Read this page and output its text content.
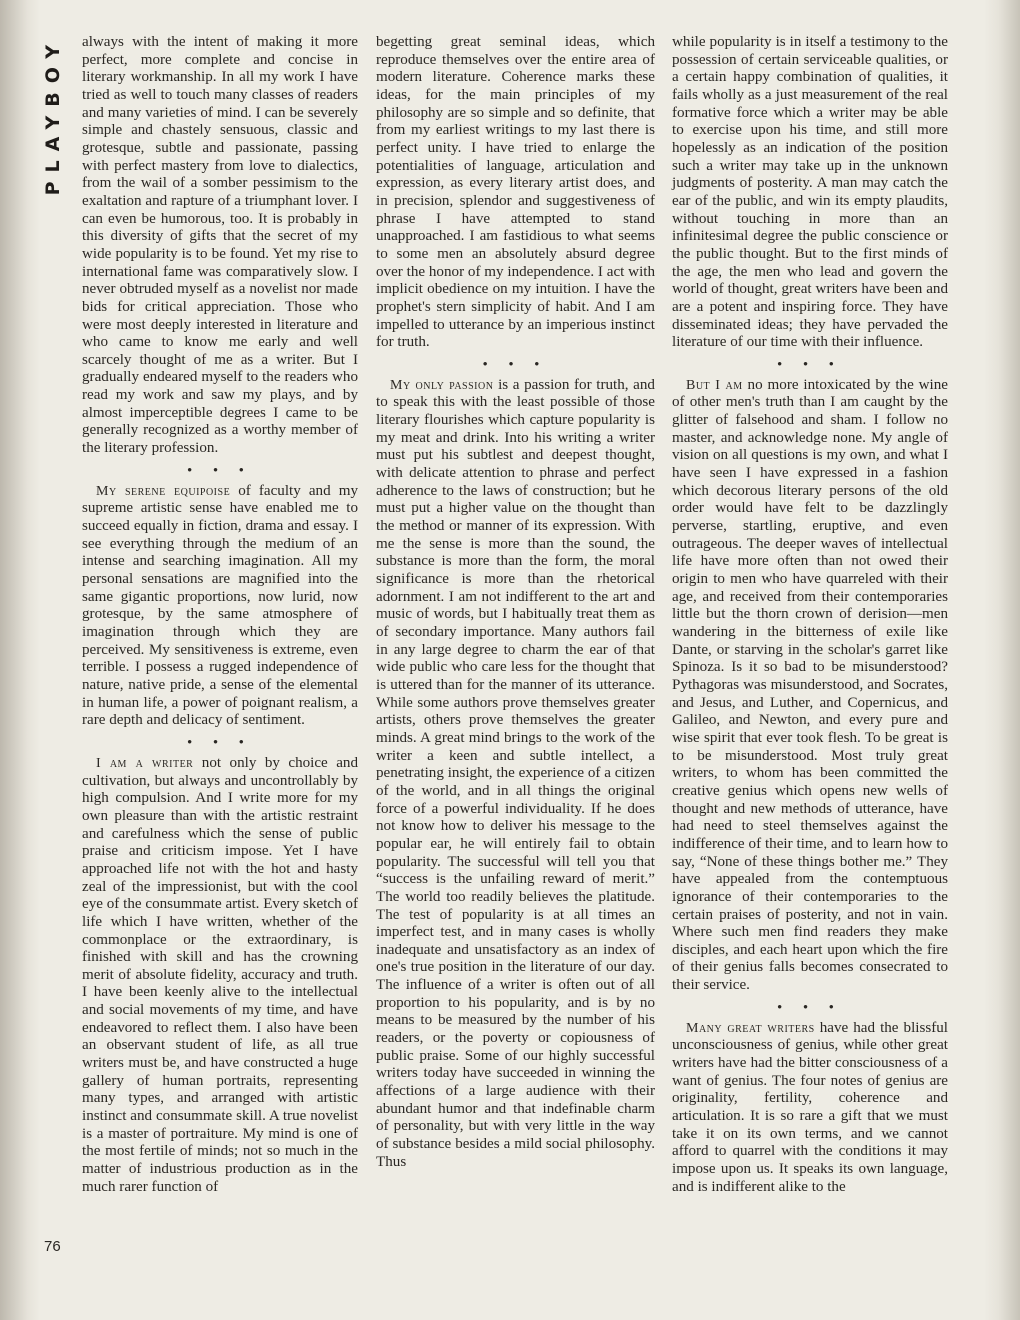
PLAYBOY
76

always with the intent of making it more perfect, more complete and concise in literary workmanship. In all my work I have tried as well to touch many classes of readers and many varieties of mind. I can be severely simple and chastely sensuous, classic and grotesque, subtle and passionate, passing with perfect mastery from love to dialectics, from the wail of a somber pessimism to the exaltation and rapture of a triumphant lover. I can even be humorous, too. It is probably in this diversity of gifts that the secret of my wide popularity is to be found. Yet my rise to international fame was comparatively slow. I never obtruded myself as a novelist nor made bids for critical appreciation. Those who were most deeply interested in literature and who came to know me early and well scarcely thought of me as a writer. But I gradually endeared myself to the readers who read my work and saw my plays, and by almost imperceptible degrees I came to be generally recognized as a worthy member of the literary profession.

• • •

My serene equipoise of faculty and my supreme artistic sense have enabled me to succeed equally in fiction, drama and essay. I see everything through the medium of an intense and searching imagination. All my personal sensations are magnified into the same gigantic proportions, now lurid, now grotesque, by the same atmosphere of imagination through which they are perceived. My sensitiveness is extreme, even terrible. I possess a rugged independence of nature, native pride, a sense of the elemental in human life, a power of poignant realism, a rare depth and delicacy of sentiment.

• • •

I am a writer not only by choice and cultivation, but always and uncontrollably by high compulsion. And I write more for my own pleasure than with the artistic restraint and carefulness which the sense of public praise and criticism impose. Yet I have approached life not with the hot and hasty zeal of the impressionist, but with the cool eye of the consummate artist. Every sketch of life which I have written, whether of the commonplace or the extraordinary, is finished with skill and has the crowning merit of absolute fidelity, accuracy and truth. I have been keenly alive to the intellectual and social movements of my time, and have endeavored to reflect them. I also have been an observant student of life, as all true writers must be, and have constructed a huge gallery of human portraits, representing many types, and arranged with artistic instinct and consummate skill. A true novelist is a master of portraiture. My mind is one of the most fertile of minds; not so much in the matter of industrious production as in the much rarer function of

begetting great seminal ideas, which reproduce themselves over the entire area of modern literature. Coherence marks these ideas, for the main principles of my philosophy are so simple and so definite, that from my earliest writings to my last there is perfect unity. I have tried to enlarge the potentialities of language, articulation and expression, as every literary artist does, and in precision, splendor and suggestiveness of phrase I have attempted to stand unapproached. I am fastidious to what seems to some men an absolutely absurd degree over the honor of my independence. I act with implicit obedience on my intuition. I have the prophet's stern simplicity of habit. And I am impelled to utterance by an imperious instinct for truth.

• • •

My only passion is a passion for truth, and to speak this with the least possible of those literary flourishes which capture popularity is my meat and drink. Into his writing a writer must put his subtlest and deepest thought, with delicate attention to phrase and perfect adherence to the laws of construction; but he must put a higher value on the thought than the method or manner of its expression. With me the sense is more than the sound, the substance is more than the form, the moral significance is more than the rhetorical adornment. I am not indifferent to the art and music of words, but I habitually treat them as of secondary importance. Many authors fail in any large degree to charm the ear of that wide public who care less for the thought that is uttered than for the manner of its utterance. While some authors prove themselves greater artists, others prove themselves the greater minds. A great mind brings to the work of the writer a keen and subtle intellect, a penetrating insight, the experience of a citizen of the world, and in all things the original force of a powerful individuality. If he does not know how to deliver his message to the popular ear, he will entirely fail to obtain popularity. The successful will tell you that “success is the unfailing reward of merit.” The world too readily believes the platitude. The test of popularity is at all times an imperfect test, and in many cases is wholly inadequate and unsatisfactory as an index of one's true position in the literature of our day. The influence of a writer is often out of all proportion to his popularity, and is by no means to be measured by the number of his readers, or the poverty or copiousness of public praise. Some of our highly successful writers today have succeeded in winning the affections of a large audience with their abundant humor and that indefinable charm of personality, but with very little in the way of substance besides a mild social philosophy. Thus

while popularity is in itself a testimony to the possession of certain serviceable qualities, or a certain happy combination of qualities, it fails wholly as a just measurement of the real formative force which a writer may be able to exercise upon his time, and still more hopelessly as an indication of the position such a writer may take up in the unknown judgments of posterity. A man may catch the ear of the public, and win its empty plaudits, without touching in more than an infinitesimal degree the public conscience or the public thought. But to the first minds of the age, the men who lead and govern the world of thought, great writers have been and are a potent and inspiring force. They have disseminated ideas; they have pervaded the literature of our time with their influence.

• • •

But I am no more intoxicated by the wine of other men's truth than I am caught by the glitter of falsehood and sham. I follow no master, and acknowledge none. My angle of vision on all questions is my own, and what I have seen I have expressed in a fashion which decorous literary persons of the old order would have felt to be dazzlingly perverse, startling, eruptive, and even outrageous. The deeper waves of intellectual life have more often than not owed their origin to men who have quarreled with their age, and received from their contemporaries little but the thorn crown of derision—men wandering in the bitterness of exile like Dante, or starving in the scholar's garret like Spinoza. Is it so bad to be misunderstood? Pythagoras was misunderstood, and Socrates, and Jesus, and Luther, and Copernicus, and Galileo, and Newton, and every pure and wise spirit that ever took flesh. To be great is to be misunderstood. Most truly great writers, to whom has been committed the creative genius which opens new wells of thought and new methods of utterance, have had need to steel themselves against the indifference of their time, and to learn how to say, “None of these things bother me.” They have appealed from the contemptuous ignorance of their contemporaries to the certain praises of posterity, and not in vain. Where such men find readers they make disciples, and each heart upon which the fire of their genius falls becomes consecrated to their service.

• • •

Many great writers have had the blissful unconsciousness of genius, while other great writers have had the bitter consciousness of a want of genius. The four notes of genius are originality, fertility, coherence and articulation. It is so rare a gift that we must take it on its own terms, and we cannot afford to quarrel with the conditions it may impose upon us. It speaks its own language, and is indifferent alike to the
